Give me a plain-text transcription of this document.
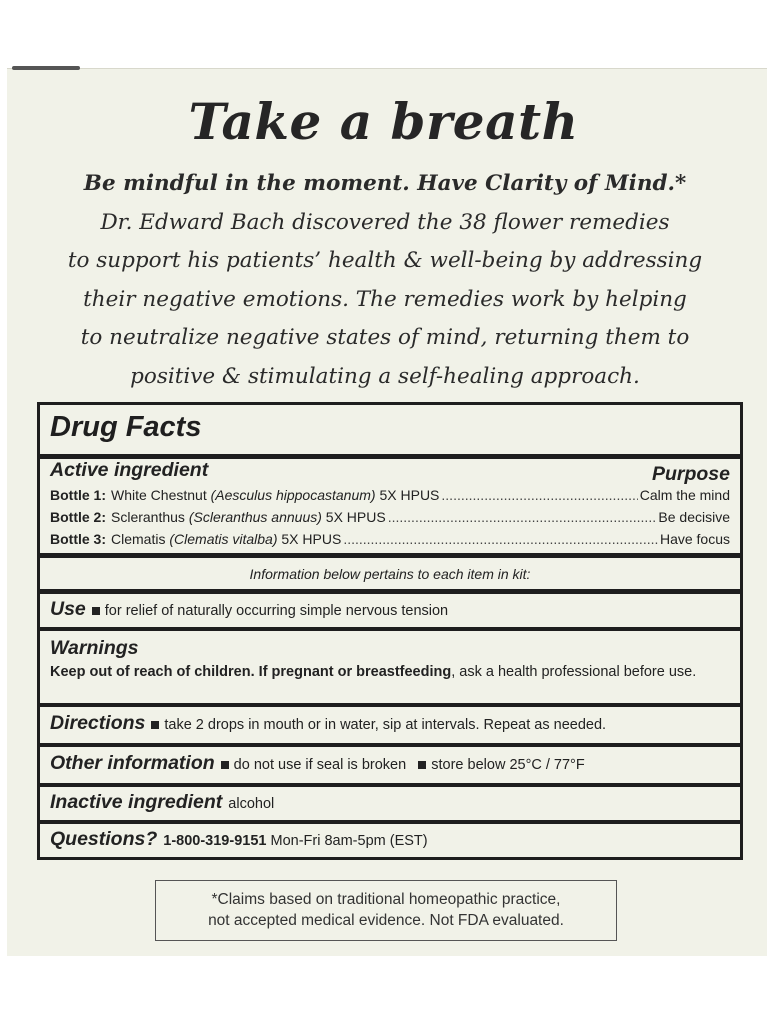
Take a breath
Be mindful in the moment. Have Clarity of Mind.*
Dr. Edward Bach discovered the 38 flower remedies
to support his patients’ health & well-being by addressing
their negative emotions. The remedies work by helping
to neutralize negative states of mind, returning them to
positive & stimulating a self-healing approach.
Drug Facts
Active ingredient	Purpose
Bottle 1: White Chestnut (Aesculus hippocastanum) 5X HPUS .....	Calm the mind
Bottle 2: Scleranthus (Scleranthus annuus) 5X HPUS .....	Be decisive
Bottle 3: Clematis (Clematis vitalba) 5X HPUS .....	Have focus
Information below pertains to each item in kit:
Use for relief of naturally occurring simple nervous tension
Warnings
Keep out of reach of children. If pregnant or breastfeeding, ask a health professional before use.
Directions take 2 drops in mouth or in water, sip at intervals. Repeat as needed.
Other information do not use if seal is broken store below 25°C / 77°F
Inactive ingredient alcohol
Questions? 1-800-319-9151 Mon-Fri 8am-5pm (EST)
*Claims based on traditional homeopathic practice,
not accepted medical evidence. Not FDA evaluated.
